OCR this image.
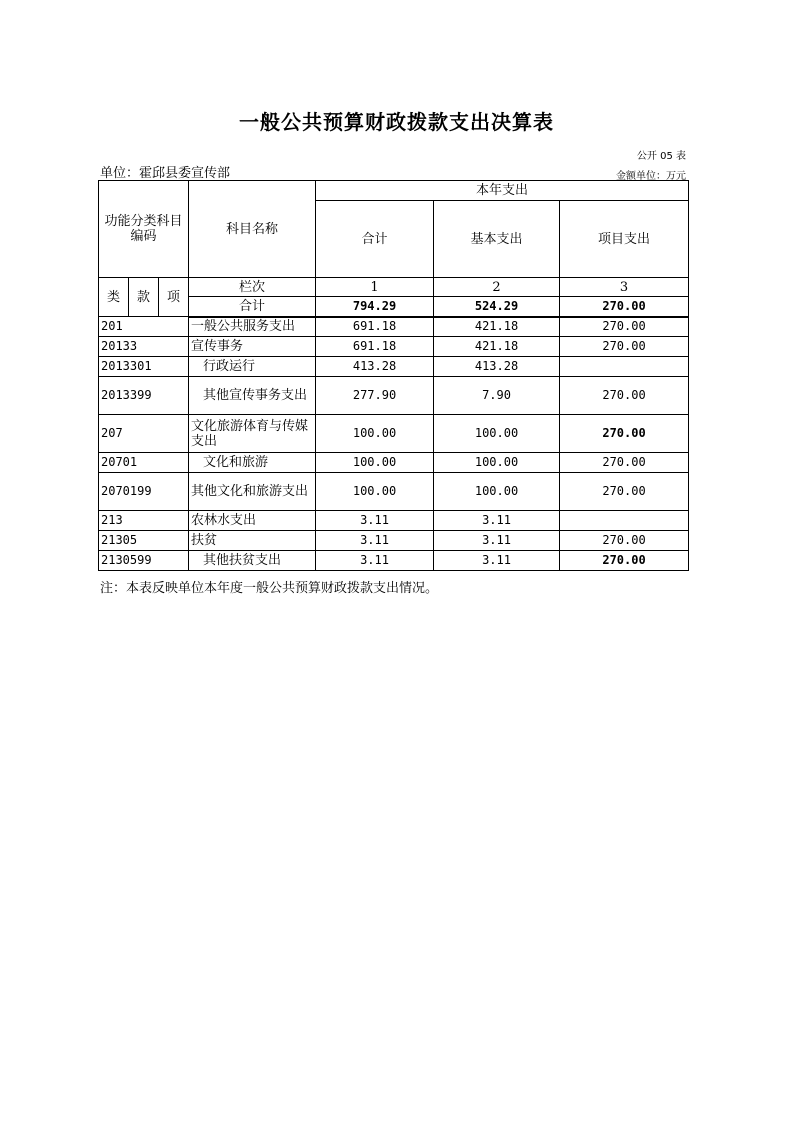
一般公共预算财政拨款支出决算表
公开 05 表
单位：霍邱县委宣传部	金额单位：万元
功能分类科目编码			科目名称	本年支出		
				合计	基本支出	项目支出
类	款	项	栏次	1	2	3
			合计	794.29	524.29	270.00
201			一般公共服务支出	691.18	421.18	270.00
20133			宣传事务	691.18	421.18	270.00
2013301			行政运行	413.28	413.28	
2013399			其他宣传事务支出	277.90	7.90	270.00
207			文化旅游体育与传媒支出	100.00	100.00	270.00
20701			文化和旅游	100.00	100.00	270.00
2070199			其他文化和旅游支出	100.00	100.00	270.00
213			农林水支出	3.11	3.11	
21305			扶贫	3.11	3.11	270.00
2130599			其他扶贫支出	3.11	3.11	270.00
注：本表反映单位本年度一般公共预算财政拨款支出情况。
